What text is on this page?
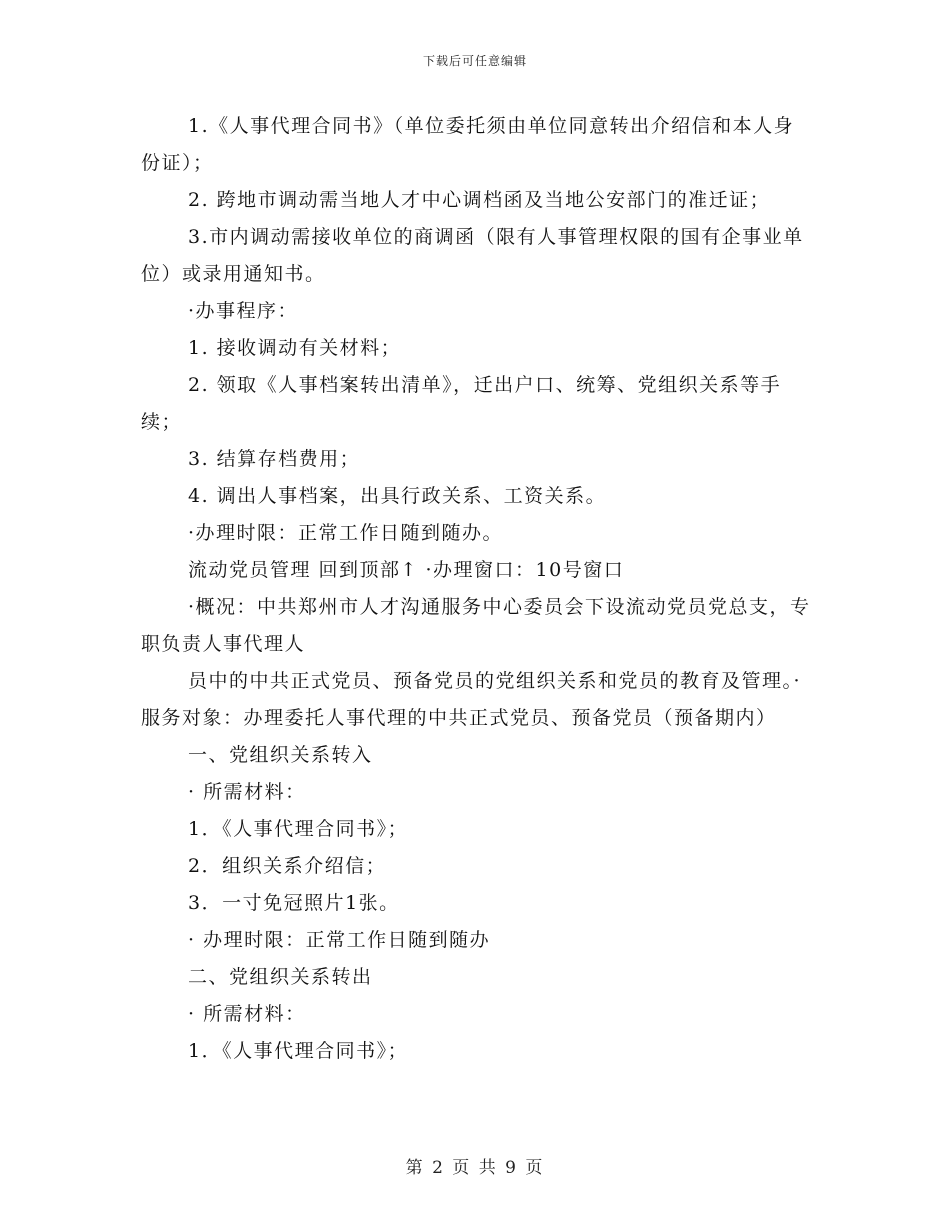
下载后可任意编辑

1.《人事代理合同书》（单位委托须由单位同意转出介绍信和本人身份证）；

2. 跨地市调动需当地人才中心调档函及当地公安部门的准迁证；

3.市内调动需接收单位的商调函（限有人事管理权限的国有企事业单位）或录用通知书。

·办事程序：

1. 接收调动有关材料；

2. 领取《人事档案转出清单》，迁出户口、统筹、党组织关系等手续；

3. 结算存档费用；

4. 调出人事档案，出具行政关系、工资关系。

·办理时限：正常工作日随到随办。

流动党员管理 回到顶部↑ ·办理窗口：10号窗口

·概况：中共郑州市人才沟通服务中心委员会下设流动党员党总支，专职负责人事代理人

员中的中共正式党员、预备党员的党组织关系和党员的教育及管理。·服务对象：办理委托人事代理的中共正式党员、预备党员（预备期内）

一、党组织关系转入

· 所需材料：

1．《人事代理合同书》；

2．组织关系介绍信；

3．一寸免冠照片1张。

· 办理时限：正常工作日随到随办

二、党组织关系转出

· 所需材料：

1．《人事代理合同书》；

第 2 页 共 9 页
